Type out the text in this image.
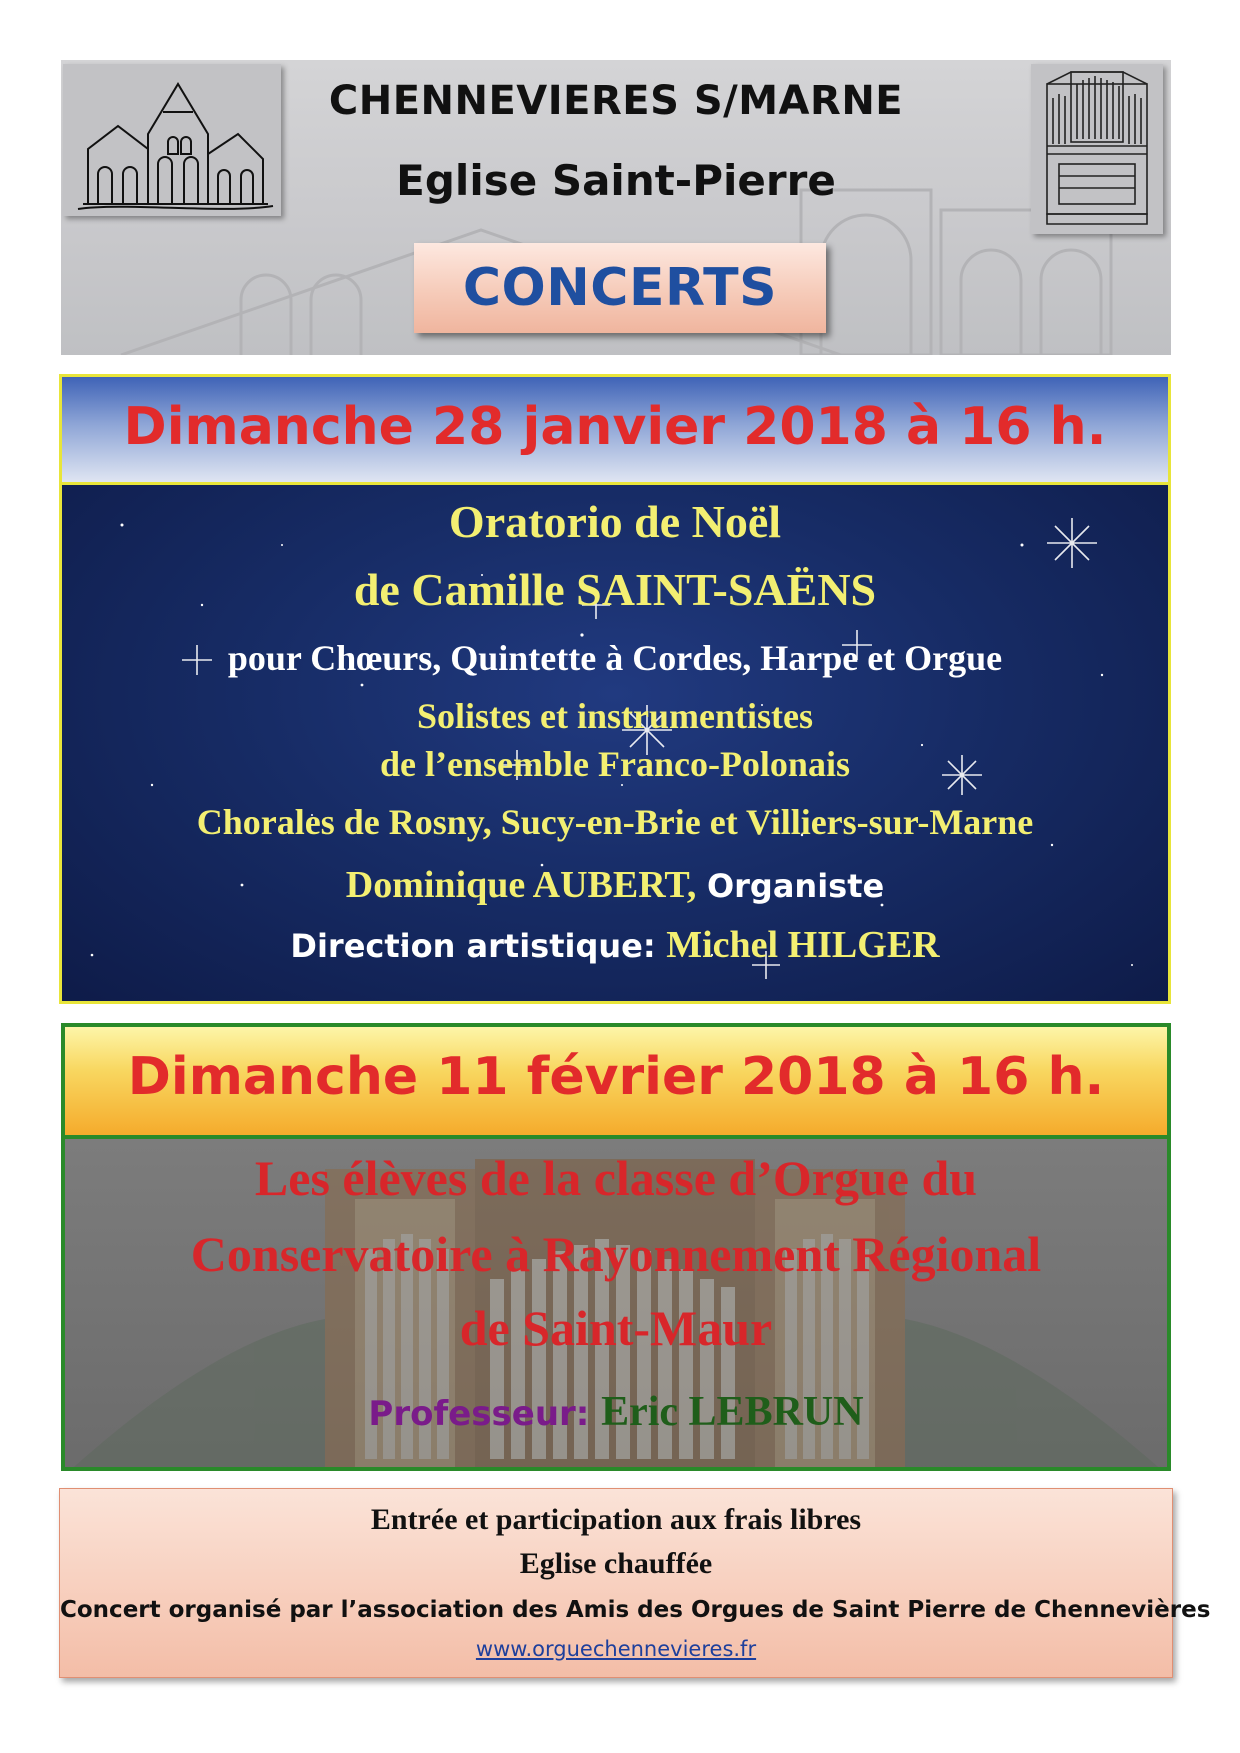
CHENNEVIERES S/MARNE
Eglise Saint-Pierre
CONCERTS
Dimanche 28 janvier 2018 à 16 h.
Oratorio de Noël
de Camille SAINT-SAËNS
pour Chœurs, Quintette à Cordes, Harpe et Orgue
Solistes et instrumentistes
de l’ensemble Franco-Polonais
Chorales de Rosny, Sucy-en-Brie et Villiers-sur-Marne
Dominique AUBERT, Organiste
Direction artistique: Michel HILGER
Dimanche 11 février 2018 à 16 h.
Les élèves de la classe d’Orgue du
Conservatoire à Rayonnement Régional
de Saint-Maur
Professeur: Eric LEBRUN
Entrée et participation aux frais libres
Eglise chauffée
Concert organisé par l’association des Amis des Orgues de Saint Pierre de Chennevières
www.orguechennevieres.fr
